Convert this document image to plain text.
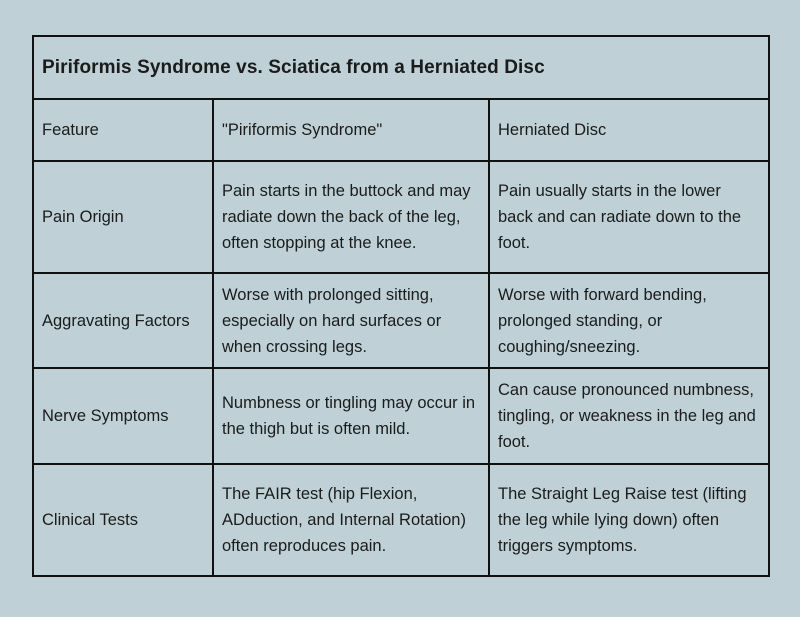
Piriformis Syndrome vs. Sciatica from a Herniated Disc		
Feature	"Piriformis Syndrome"	Herniated Disc
Pain Origin	Pain starts in the buttock and may radiate down the back of the leg, often stopping at the knee.	Pain usually starts in the lower back and can radiate down to the foot.
Aggravating Factors	Worse with prolonged sitting, especially on hard surfaces or when crossing legs.	Worse with forward bending, prolonged standing, or coughing/sneezing.
Nerve Symptoms	Numbness or tingling may occur in the thigh but is often mild.	Can cause pronounced numbness, tingling, or weakness in the leg and foot.
Clinical Tests	The FAIR test (hip Flexion, ADduction, and Internal Rotation) often reproduces pain.	The Straight Leg Raise test (lifting the leg while lying down) often triggers symptoms.
